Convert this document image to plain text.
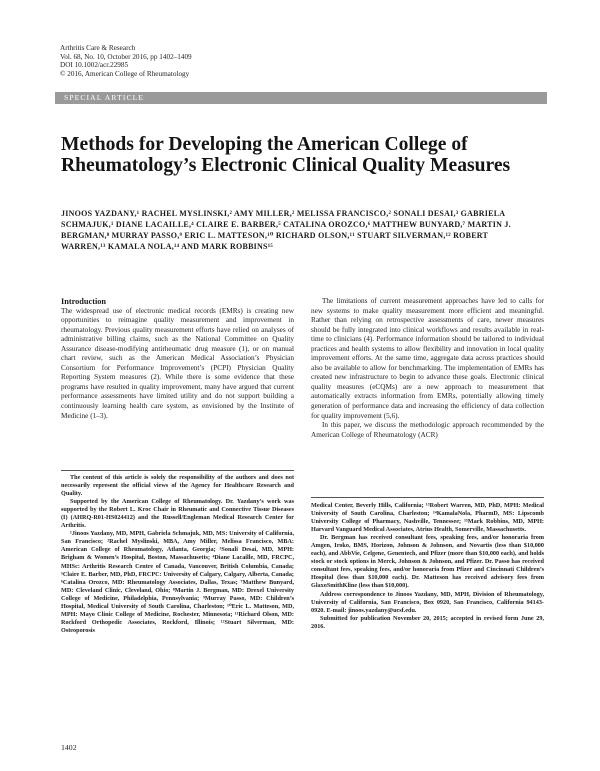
Arthritis Care & Research
Vol. 68, No. 10, October 2016, pp 1402–1409
DOI 10.1002/acr.22985
© 2016, American College of Rheumatology
SPECIAL ARTICLE
Methods for Developing the American College of Rheumatology’s Electronic Clinical Quality Measures
JINOOS YAZDANY,¹ RACHEL MYSLINSKI,² AMY MILLER,² MELISSA FRANCISCO,² SONALI DESAI,³ GABRIELA SCHMAJUK,¹ DIANE LACAILLE,⁴ CLAIRE E. BARBER,⁵ CATALINA OROZCO,⁶ MATTHEW BUNYARD,⁷ MARTIN J. BERGMAN,⁸ MURRAY PASSO,⁹ ERIC L. MATTESON,¹⁰ RICHARD OLSON,¹¹ STUART SILVERMAN,¹² ROBERT WARREN,¹³ KAMALA NOLA,¹⁴ AND MARK ROBBINS¹⁵

Introduction

The widespread use of electronic medical records (EMRs) is creating new opportunities to reimagine quality measurement and improvement in rheumatology. Previous quality measurement efforts have relied on analyses of administrative billing claims, such as the National Committee on Quality Assurance disease-modifying antirheumatic drug measure (1), or on manual chart review, such as the American Medical Association’s Physician Consortium for Performance Improvement’s (PCPI) Physician Quality Reporting System measures (2). While there is some evidence that these programs have resulted in quality improvement, many have argued that current performance assessments have limited utility and do not support building a continuously learning health care system, as envisioned by the Institute of Medicine (1–3).

The limitations of current measurement approaches have led to calls for new systems to make quality measurement more efficient and meaningful. Rather than relying on retrospective assessments of care, newer measures should be fully integrated into clinical workflows and results available in real-time to clinicians (4). Performance information should be tailored to individual practices and health systems to allow flexibility and innovation in local quality improvement efforts. At the same time, aggregate data across practices should also be available to allow for benchmarking. The implementation of EMRs has created new infrastructure to begin to advance these goals. Electronic clinical quality measures (eCQMs) are a new approach to measurement that automatically extracts information from EMRs, potentially allowing timely generation of performance data and increasing the efficiency of data collection for quality improvement (5,6).

In this paper, we discuss the methodologic approach recommended by the American College of Rheumatology (ACR)

The content of this article is solely the responsibility of the authors and does not necessarily represent the official views of the Agency for Healthcare Research and Quality.

Supported by the American College of Rheumatology. Dr. Yazdany’s work was supported by the Robert L. Kroc Chair in Rheumatic and Connective Tissue Diseases (I) (AHRQ-R01-HS024412) and the Russell/Engleman Medical Research Center for Arthritis.

¹Jinoos Yazdany, MD, MPH, Gabriela Schmajuk, MD, MS: University of California, San Francisco; ²Rachel Myslinski, MBA, Amy Miller, Melissa Francisco, MBA: American College of Rheumatology, Atlanta, Georgia; ³Sonali Desai, MD, MPH: Brigham & Women’s Hospital, Boston, Massachusetts; ⁴Diane Lacaille, MD, FRCPC, MHSc: Arthritis Research Centre of Canada, Vancouver, British Columbia, Canada; ⁵Claire E. Barber, MD, PhD, FRCPC: University of Calgary, Calgary, Alberta, Canada; ⁶Catalina Orozco, MD: Rheumatology Associates, Dallas, Texas; ⁷Matthew Bunyard, MD: Cleveland Clinic, Cleveland, Ohio; ⁸Martin J. Bergman, MD: Drexel University College of Medicine, Philadelphia, Pennsylvania; ⁹Murray Passo, MD: Children’s Hospital, Medical University of South Carolina, Charleston; ¹⁰Eric L. Matteson, MD, MPH: Mayo Clinic College of Medicine, Rochester, Minnesota; ¹¹Richard Olson, MD: Rockford Orthopedic Associates, Rockford, Illinois; ¹²Stuart Silverman, MD: Osteoporosis

Medical Center, Beverly Hills, California; ¹³Robert Warren, MD, PhD, MPH: Medical University of South Carolina, Charleston; ¹⁴KamalaNola, PharmD, MS: Lipscomb University College of Pharmacy, Nashville, Tennessee; ¹⁵Mark Robbins, MD, MPH: Harvard Vanguard Medical Associates, Atrius Health, Somerville, Massachusetts.

Dr. Bergman has received consultant fees, speaking fees, and/or honoraria from Amgen, Iroko, BMS, Horizon, Johnson & Johnson, and Novartis (less than $10,000 each), and AbbVie, Celgene, Genentech, and Pfizer (more than $10,000 each), and holds stock or stock options in Merck, Johnson & Johnson, and Pfizer. Dr. Passo has received consultant fees, speaking fees, and/or honoraria from Pfizer and Cincinnati Children’s Hospital (less than $10,000 each). Dr. Matteson has received advisory fees from GlaxoSmithKline (less than $10,000).

Address correspondence to Jinoos Yazdany, MD, MPH, Division of Rheumatology, University of California, San Francisco, Box 0920, San Francisco, California 94143-0920. E-mail: jinoos.yazdany@ucsf.edu.

Submitted for publication November 20, 2015; accepted in revised form June 29, 2016.

1402
